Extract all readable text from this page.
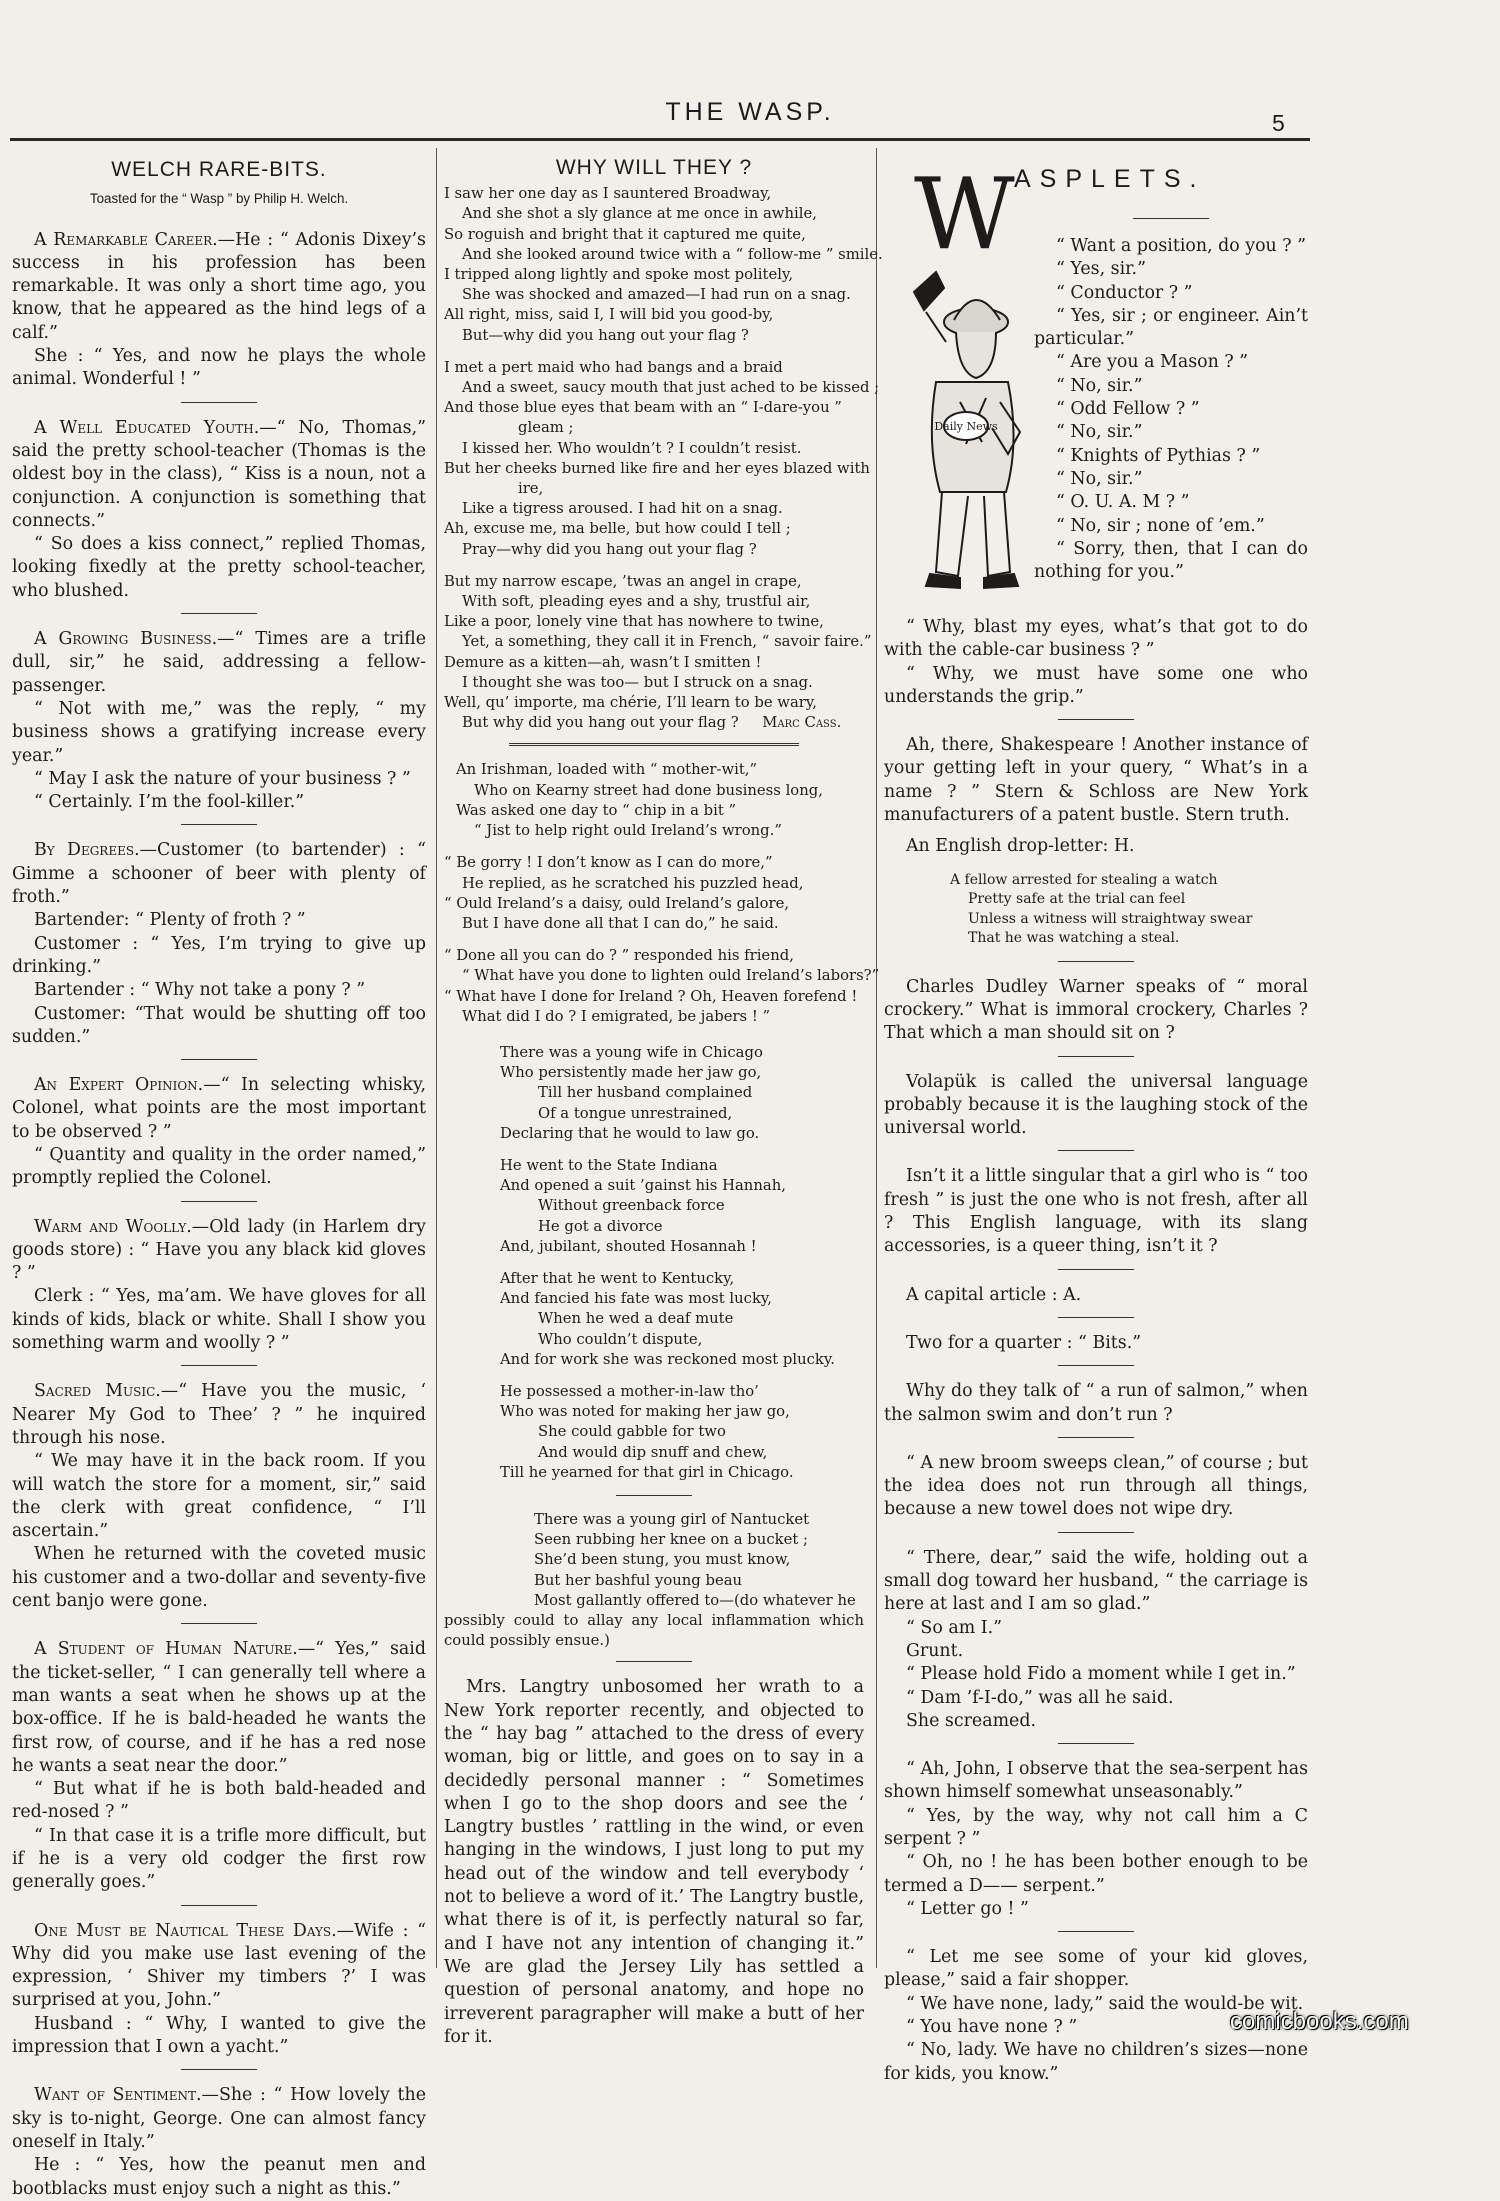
THE WASP.	5
WELCH RARE-BITS.
Toasted for the “ Wasp ” by Philip H. Welch.

A Remarkable Career.—He : “ Adonis Dixey’s success in his profession has been remarkable. It was only a short time ago, you know, that he appeared as the hind legs of a calf.”

She : “ Yes, and now he plays the whole animal. Wonderful ! ”

A Well Educated Youth.—“ No, Thomas,” said the pretty school-teacher (Thomas is the oldest boy in the class), “ Kiss is a noun, not a conjunction. A conjunction is something that connects.”

“ So does a kiss connect,” replied Thomas, looking fixedly at the pretty school-teacher, who blushed.

A Growing Business.—“ Times are a trifle dull, sir,” he said, addressing a fellow-passenger.

“ Not with me,” was the reply, “ my business shows a gratifying increase every year.”

“ May I ask the nature of your business ? ”

“ Certainly. I’m the fool-killer.”

By Degrees.—Customer (to bartender) : “ Gimme a schooner of beer with plenty of froth.”

Bartender: “ Plenty of froth ? ”

Customer : “ Yes, I’m trying to give up drinking.”

Bartender : “ Why not take a pony ? ”

Customer: “That would be shutting off too sudden.”

An Expert Opinion.—“ In selecting whisky, Colonel, what points are the most important to be observed ? ”

“ Quantity and quality in the order named,” promptly replied the Colonel.

Warm and Woolly.—Old lady (in Harlem dry goods store) : “ Have you any black kid gloves ? ”

Clerk : “ Yes, ma’am. We have gloves for all kinds of kids, black or white. Shall I show you something warm and woolly ? ”

Sacred Music.—“ Have you the music, ‘ Nearer My God to Thee’ ? ” he inquired through his nose.

“ We may have it in the back room. If you will watch the store for a moment, sir,” said the clerk with great confidence, “ I’ll ascertain.”

When he returned with the coveted music his customer and a two-dollar and seventy-five cent banjo were gone.

A Student of Human Nature.—“ Yes,” said the ticket-seller, “ I can generally tell where a man wants a seat when he shows up at the box-office. If he is bald-headed he wants the first row, of course, and if he has a red nose he wants a seat near the door.”

“ But what if he is both bald-headed and red-nosed ? ”

“ In that case it is a trifle more difficult, but if he is a very old codger the first row generally goes.”

One Must be Nautical These Days.—Wife : “ Why did you make use last evening of the expression, ‘ Shiver my timbers ?’ I was surprised at you, John.”

Husband : “ Why, I wanted to give the impression that I own a yacht.”

Want of Sentiment.—She : “ How lovely the sky is to-night, George. One can almost fancy oneself in Italy.”

He : “ Yes, how the peanut men and bootblacks must enjoy such a night as this.”

WHY WILL THEY ?
I saw her one day as I sauntered Broadway,
And she shot a sly glance at me once in awhile,
So roguish and bright that it captured me quite,
And she looked around twice with a “ follow-me ” smile.
I tripped along lightly and spoke most politely,
She was shocked and amazed—I had run on a snag.
All right, miss, said I, I will bid you good-by,
But—why did you hang out your flag ?
I met a pert maid who had bangs and a braid
And a sweet, saucy mouth that just ached to be kissed ;
And those blue eyes that beam with an “ I-dare-you ”
gleam ;
I kissed her. Who wouldn’t ? I couldn’t resist.
But her cheeks burned like fire and her eyes blazed with
ire,
Like a tigress aroused. I had hit on a snag.
Ah, excuse me, ma belle, but how could I tell ;
Pray—why did you hang out your flag ?
But my narrow escape, ’twas an angel in crape,
With soft, pleading eyes and a shy, trustful air,
Like a poor, lonely vine that has nowhere to twine,
Yet, a something, they call it in French, “ savoir faire.”
Demure as a kitten—ah, wasn’t I smitten !
I thought she was too— but I struck on a snag.
Well, qu’ importe, ma chérie, I’ll learn to be wary,
But why did you hang out your flag ? Marc Cass.
An Irishman, loaded with “ mother-wit,”
Who on Kearny street had done business long,
Was asked one day to “ chip in a bit ”
“ Jist to help right ould Ireland’s wrong.”
“ Be gorry ! I don’t know as I can do more,”
He replied, as he scratched his puzzled head,
“ Ould Ireland’s a daisy, ould Ireland’s galore,
But I have done all that I can do,” he said.
“ Done all you can do ? ” responded his friend,
“ What have you done to lighten ould Ireland’s labors?”
“ What have I done for Ireland ? Oh, Heaven forefend !
What did I do ? I emigrated, be jabers ! ”
There was a young wife in Chicago
Who persistently made her jaw go,
Till her husband complained
Of a tongue unrestrained,
Declaring that he would to law go.
He went to the State Indiana
And opened a suit ’gainst his Hannah,
Without greenback force
He got a divorce
And, jubilant, shouted Hosannah !
After that he went to Kentucky,
And fancied his fate was most lucky,
When he wed a deaf mute
Who couldn’t dispute,
And for work she was reckoned most plucky.
He possessed a mother-in-law tho’
Who was noted for making her jaw go,
She could gabble for two
And would dip snuff and chew,
Till he yearned for that girl in Chicago.
There was a young girl of Nantucket
Seen rubbing her knee on a bucket ;
She’d been stung, you must know,
But her bashful young beau
Most gallantly offered to—(do whatever he
possibly could to allay any local inflammation which could possibly ensue.)

Mrs. Langtry unbosomed her wrath to a New York reporter recently, and objected to the “ hay bag ” attached to the dress of every woman, big or little, and goes on to say in a decidedly personal manner : “ Sometimes when I go to the shop doors and see the ‘ Langtry bustles ’ rattling in the wind, or even hanging in the windows, I just long to put my head out of the window and tell everybody ‘ not to believe a word of it.’ The Langtry bustle, what there is of it, is perfectly natural so far, and I have not any intention of changing it.” We are glad the Jersey Lily has settled a question of personal anatomy, and hope no irreverent paragrapher will make a butt of her for it.

W ASPLETS.
Daily News

“ Want a position, do you ? ”

“ Yes, sir.”

“ Conductor ? ”

“ Yes, sir ; or engineer. Ain’t particular.”

“ Are you a Mason ? ”

“ No, sir.”

“ Odd Fellow ? ”

“ No, sir.”

“ Knights of Pythias ? ”

“ No, sir.”

“ O. U. A. M ? ”

“ No, sir ; none of ’em.”

“ Sorry, then, that I can do nothing for you.”

“ Why, blast my eyes, what’s that got to do with the cable-car business ? ”

“ Why, we must have some one who understands the grip.”

Ah, there, Shakespeare ! Another instance of your getting left in your query, “ What’s in a name ? ” Stern & Schloss are New York manufacturers of a patent bustle. Stern truth.

An English drop-letter: H.

A fellow arrested for stealing a watch
Pretty safe at the trial can feel
Unless a witness will straightway swear
That he was watching a steal.

Charles Dudley Warner speaks of “ moral crockery.” What is immoral crockery, Charles ? That which a man should sit on ?

Volapük is called the universal language probably because it is the laughing stock of the universal world.

Isn’t it a little singular that a girl who is “ too fresh ” is just the one who is not fresh, after all ? This English language, with its slang accessories, is a queer thing, isn’t it ?

A capital article : A.

Two for a quarter : “ Bits.”

Why do they talk of “ a run of salmon,” when the salmon swim and don’t run ?

“ A new broom sweeps clean,” of course ; but the idea does not run through all things, because a new towel does not wipe dry.

“ There, dear,” said the wife, holding out a small dog toward her husband, “ the carriage is here at last and I am so glad.”

“ So am I.”

Grunt.

“ Please hold Fido a moment while I get in.”

“ Dam ’f-I-do,” was all he said.

She screamed.

“ Ah, John, I observe that the sea-serpent has shown himself somewhat unseasonably.”

“ Yes, by the way, why not call him a C serpent ? ”

“ Oh, no ! he has been bother enough to be termed a D—— serpent.”

“ Letter go ! ”

“ Let me see some of your kid gloves, please,” said a fair shopper.

“ We have none, lady,” said the would-be wit.

“ You have none ? ”

“ No, lady. We have no children’s sizes—none for kids, you know.”

comicbooks.com
